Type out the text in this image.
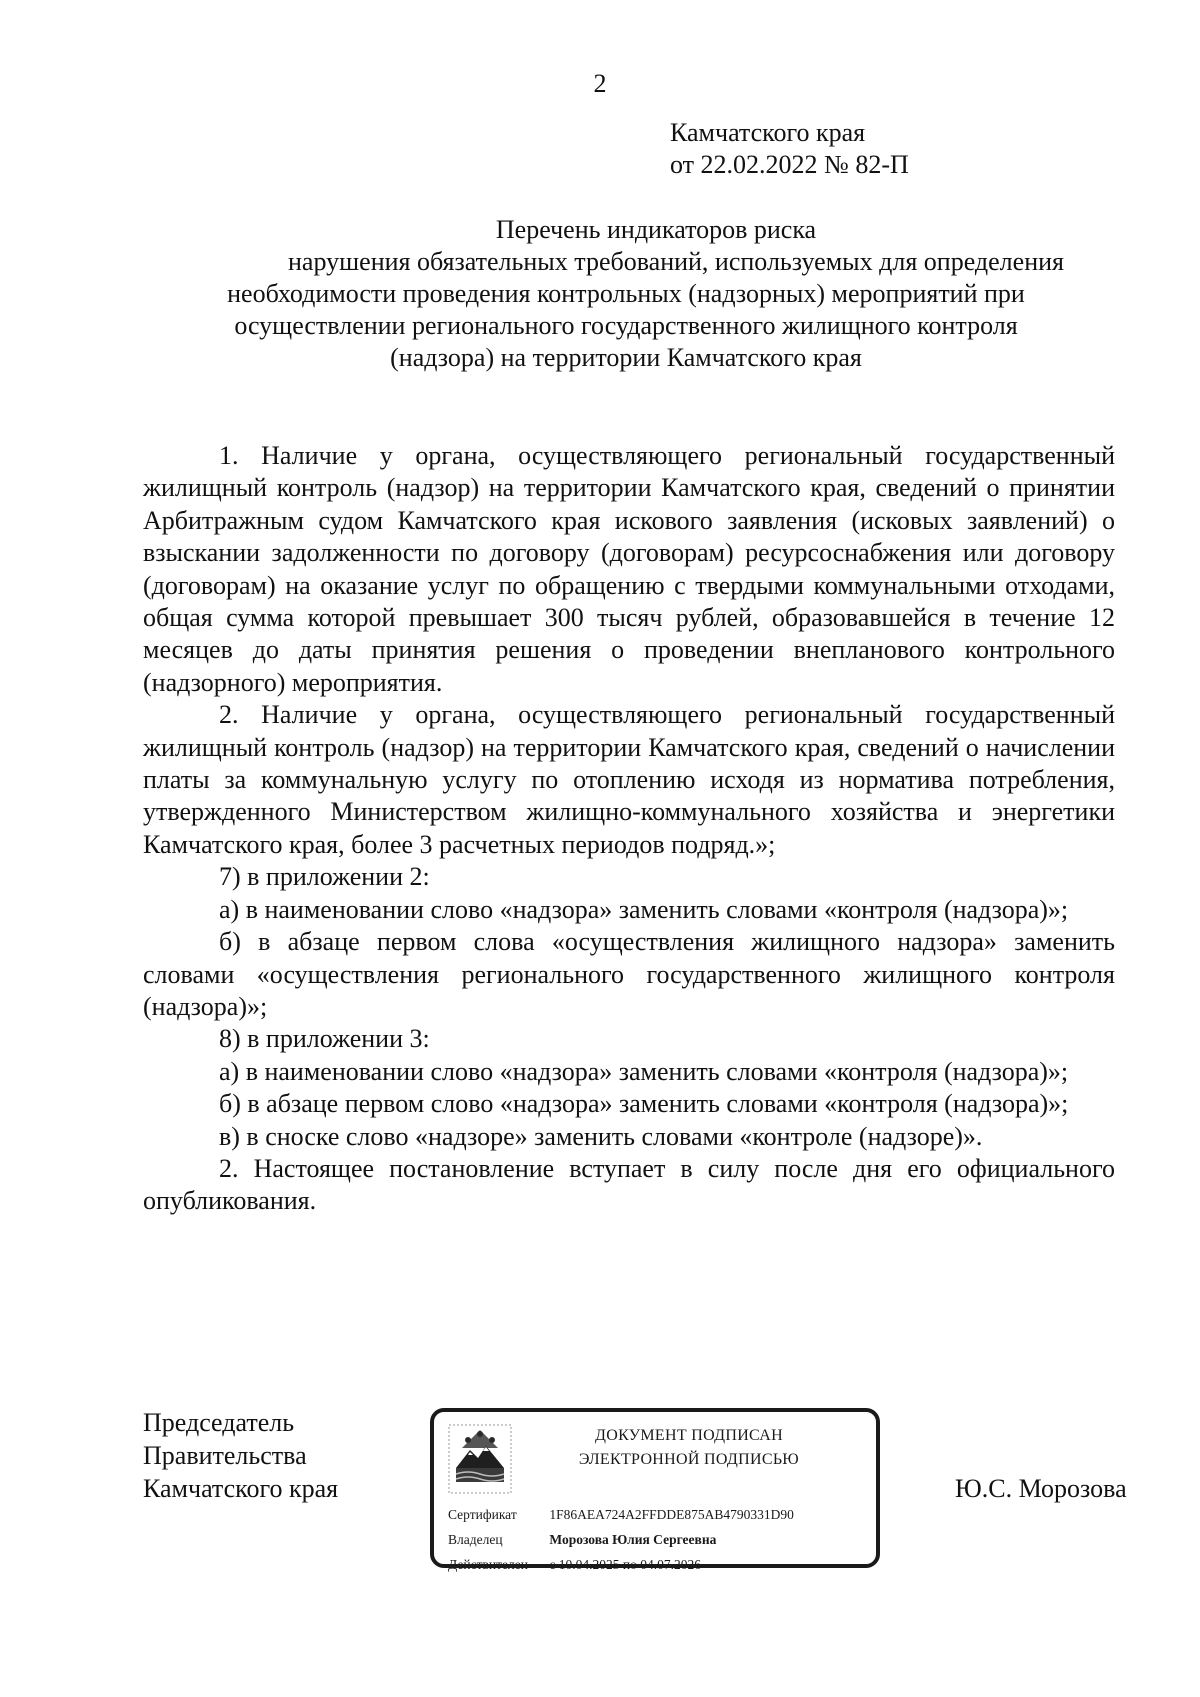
2
Камчатского края
от 22.02.2022 № 82-П
Перечень индикаторов риска
нарушения обязательных требований, используемых для определения
необходимости проведения контрольных (надзорных) мероприятий при
осуществлении регионального государственного жилищного контроля
(надзора) на территории Камчатского края

1. Наличие у органа, осуществляющего региональный государственный жилищный контроль (надзор) на территории Камчатского края, сведений о принятии Арбитражным судом Камчатского края искового заявления (исковых заявлений) о взыскании задолженности по договору (договорам) ресурсоснабжения или договору (договорам) на оказание услуг по обращению с твердыми коммунальными отходами, общая сумма которой превышает 300 тысяч рублей, образовавшейся в течение 12 месяцев до даты принятия решения о проведении внепланового контрольного (надзорного) мероприятия.

2. Наличие у органа, осуществляющего региональный государственный жилищный контроль (надзор) на территории Камчатского края, сведений о начислении платы за коммунальную услугу по отоплению исходя из норматива потребления, утвержденного Министерством жилищно-коммунального хозяйства и энергетики Камчатского края, более 3 расчетных периодов подряд.»;

7) в приложении 2:

а) в наименовании слово «надзора» заменить словами «контроля (надзора)»;

б) в абзаце первом слова «осуществления жилищного надзора» заменить словами «осуществления регионального государственного жилищного контроля (надзора)»;

8) в приложении 3:

а) в наименовании слово «надзора» заменить словами «контроля (надзора)»;

б) в абзаце первом слово «надзора» заменить словами «контроля (надзора)»;

в) в сноске слово «надзоре» заменить словами «контроле (надзоре)».

2. Настоящее постановление вступает в силу после дня его официального опубликования.

Председатель
Правительства
Камчатского края
ДОКУМЕНТ ПОДПИСАН
ЭЛЕКТРОННОЙ ПОДПИСЬЮ
Сертификат 1F86AEA724A2FFDDE875AB4790331D90
Владелец	Морозова Юлия Сергеевна
Действителен с 10.04.2025 по 04.07.2026
Ю.С. Морозова
